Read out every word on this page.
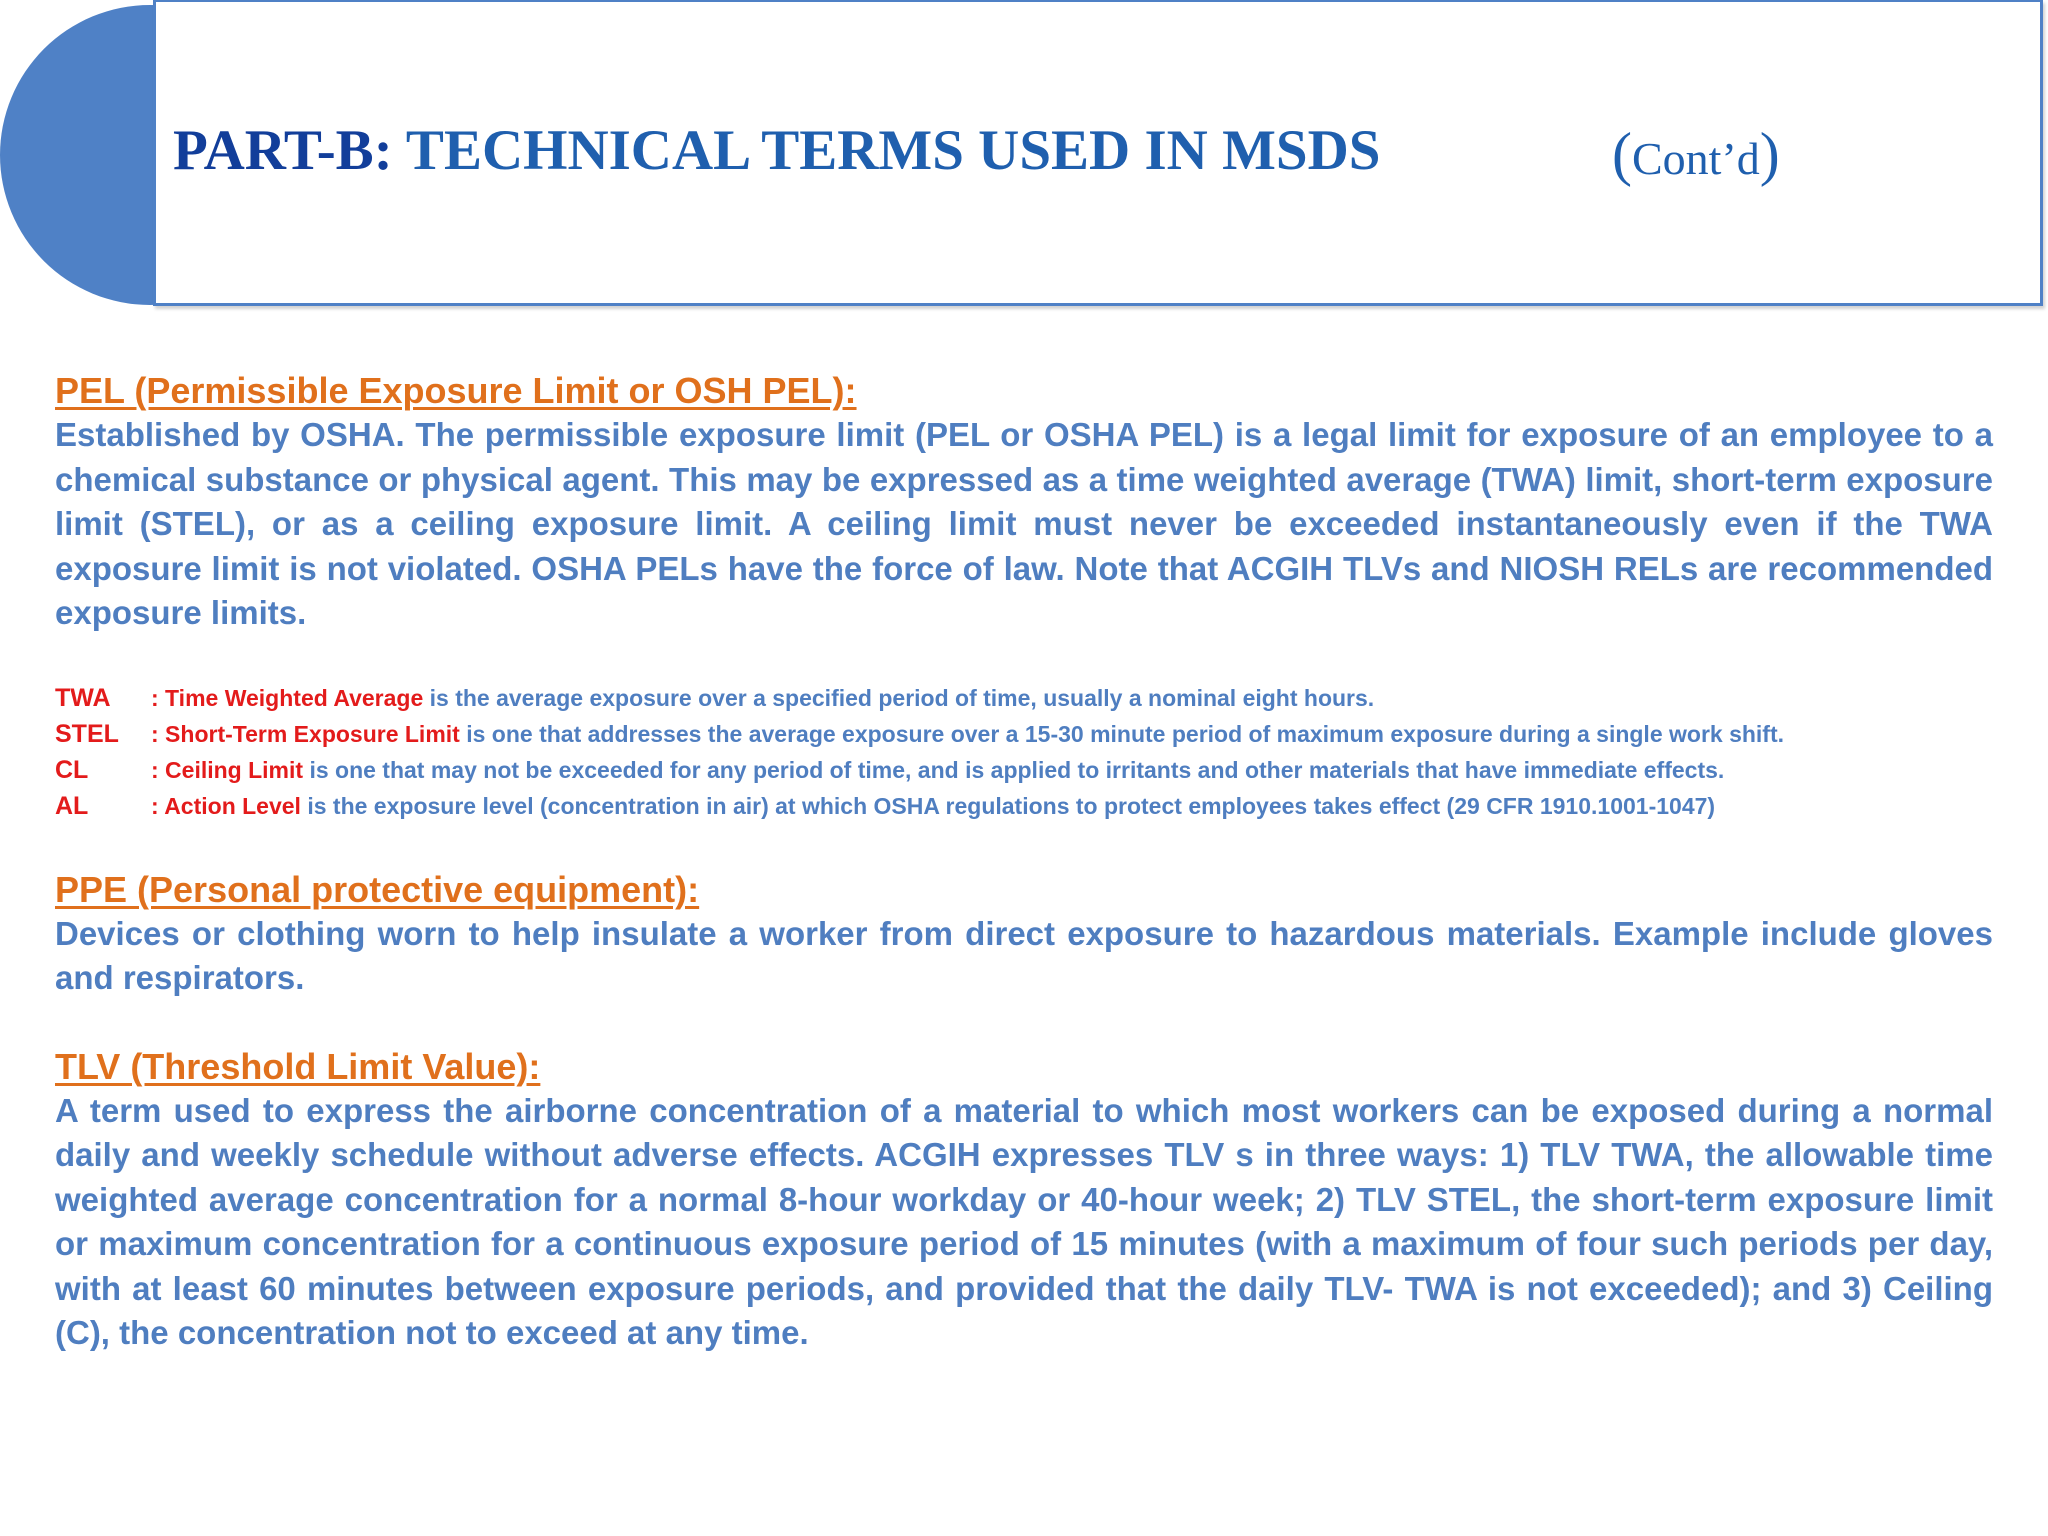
PART-B: TECHNICAL TERMS USED IN MSDS	(Cont’d)
PEL (Permissible Exposure Limit or OSH PEL):

Established by OSHA. The permissible exposure limit (PEL or OSHA PEL) is a legal limit for exposure of an employee to a chemical substance or physical agent. This may be expressed as a time weighted average (TWA) limit, short-term exposure limit (STEL), or as a ceiling exposure limit. A ceiling limit must never be exceeded instantaneously even if the TWA exposure limit is not violated. OSHA PELs have the force of law. Note that ACGIH TLVs and NIOSH RELs are recommended exposure limits.

TWA : Time Weighted Average is the average exposure over a specified period of time, usually a nominal eight hours.
STEL : Short-Term Exposure Limit is one that addresses the average exposure over a 15-30 minute period of maximum exposure during a single work shift.
CL	: Ceiling Limit is one that may not be exceeded for any period of time, and is applied to irritants and other materials that have immediate effects.
AL	: Action Level is the exposure level (concentration in air) at which OSHA regulations to protect employees takes effect (29 CFR 1910.1001-1047)
PPE (Personal protective equipment):

Devices or clothing worn to help insulate a worker from direct exposure to hazardous materials. Example include gloves and respirators.

TLV (Threshold Limit Value):

A term used to express the airborne concentration of a material to which most workers can be exposed during a normal daily and weekly schedule without adverse effects. ACGIH expresses TLV s in three ways: 1) TLV TWA, the allowable time weighted average concentration for a normal 8-hour workday or 40-hour week; 2) TLV STEL, the short-term exposure limit or maximum concentration for a continuous exposure period of 15 minutes (with a maximum of four such periods per day, with at least 60 minutes between exposure periods, and provided that the daily TLV- TWA is not exceeded); and 3) Ceiling (C), the concentration not to exceed at any time.
